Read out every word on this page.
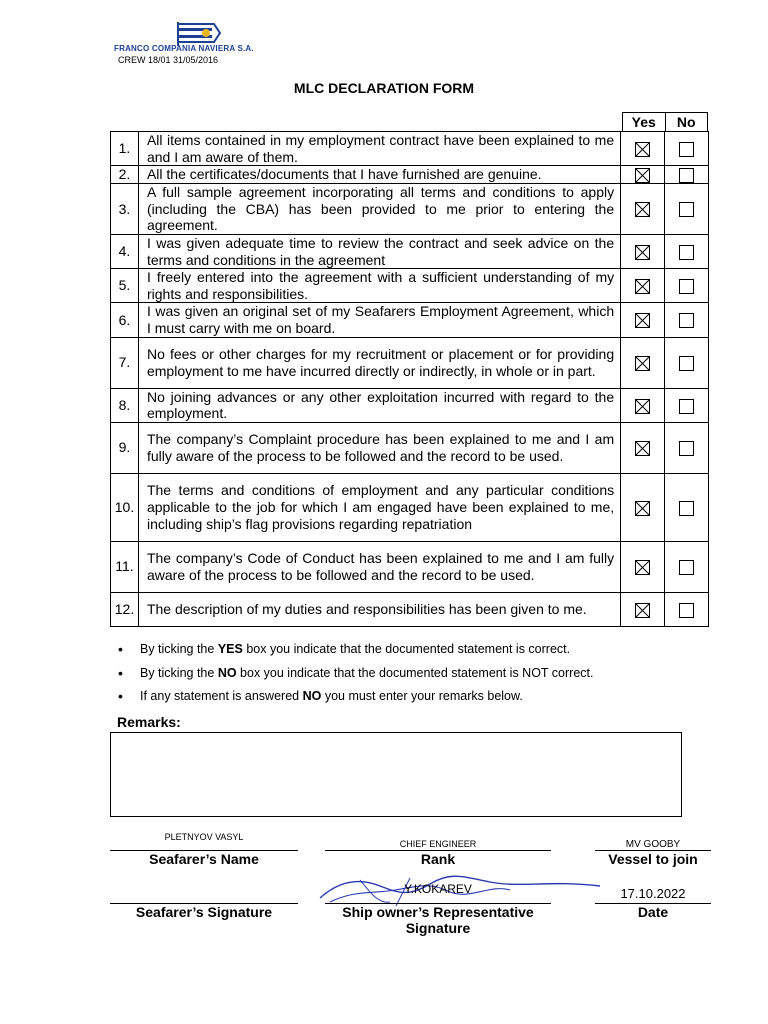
FRANCO COMPANIA NAVIERA S.A.
CREW 18/01 31/05/2016
MLC DECLARATION FORM
Yes	No
1.	All items contained in my employment contract have been explained to me and I am aware of them.	

2.	All the certificates/documents that I have furnished are genuine.	

3.	A full sample agreement incorporating all terms and conditions to apply (including the CBA) has been provided to me prior to entering the agreement.	

4.	I was given adequate time to review the contract and seek advice on the terms and conditions in the agreement	

5.	I freely entered into the agreement with a sufficient understanding of my rights and responsibilities.	

6.	I was given an original set of my Seafarers Employment Agreement, which I must carry with me on board.	

7.	No fees or other charges for my recruitment or placement or for providing employment to me have incurred directly or indirectly, in whole or in part.	

8.	No joining advances or any other exploitation incurred with regard to the employment.	

9.	The company’s Complaint procedure has been explained to me and I am fully aware of the process to be followed and the record to be used.	

10.	The terms and conditions of employment and any particular conditions applicable to the job for which I am engaged have been explained to me, including ship’s flag provisions regarding repatriation	

11.	The company’s Code of Conduct has been explained to me and I am fully aware of the process to be followed and the record to be used.	

12.	The description of my duties and responsibilities has been given to me.	

• By ticking the YES box you indicate that the documented statement is correct.
• By ticking the NO box you indicate that the documented statement is NOT correct.
• If any statement is answered NO you must enter your remarks below.
Remarks:
PLETNYOV VASYL
Seafarer’s Name
CHIEF ENGINEER
Rank
MV GOOBY
Vessel to join
Seafarer’s Signature
Y.KOKAREV
Ship owner’s Representative
Signature
17.10.2022
Date
